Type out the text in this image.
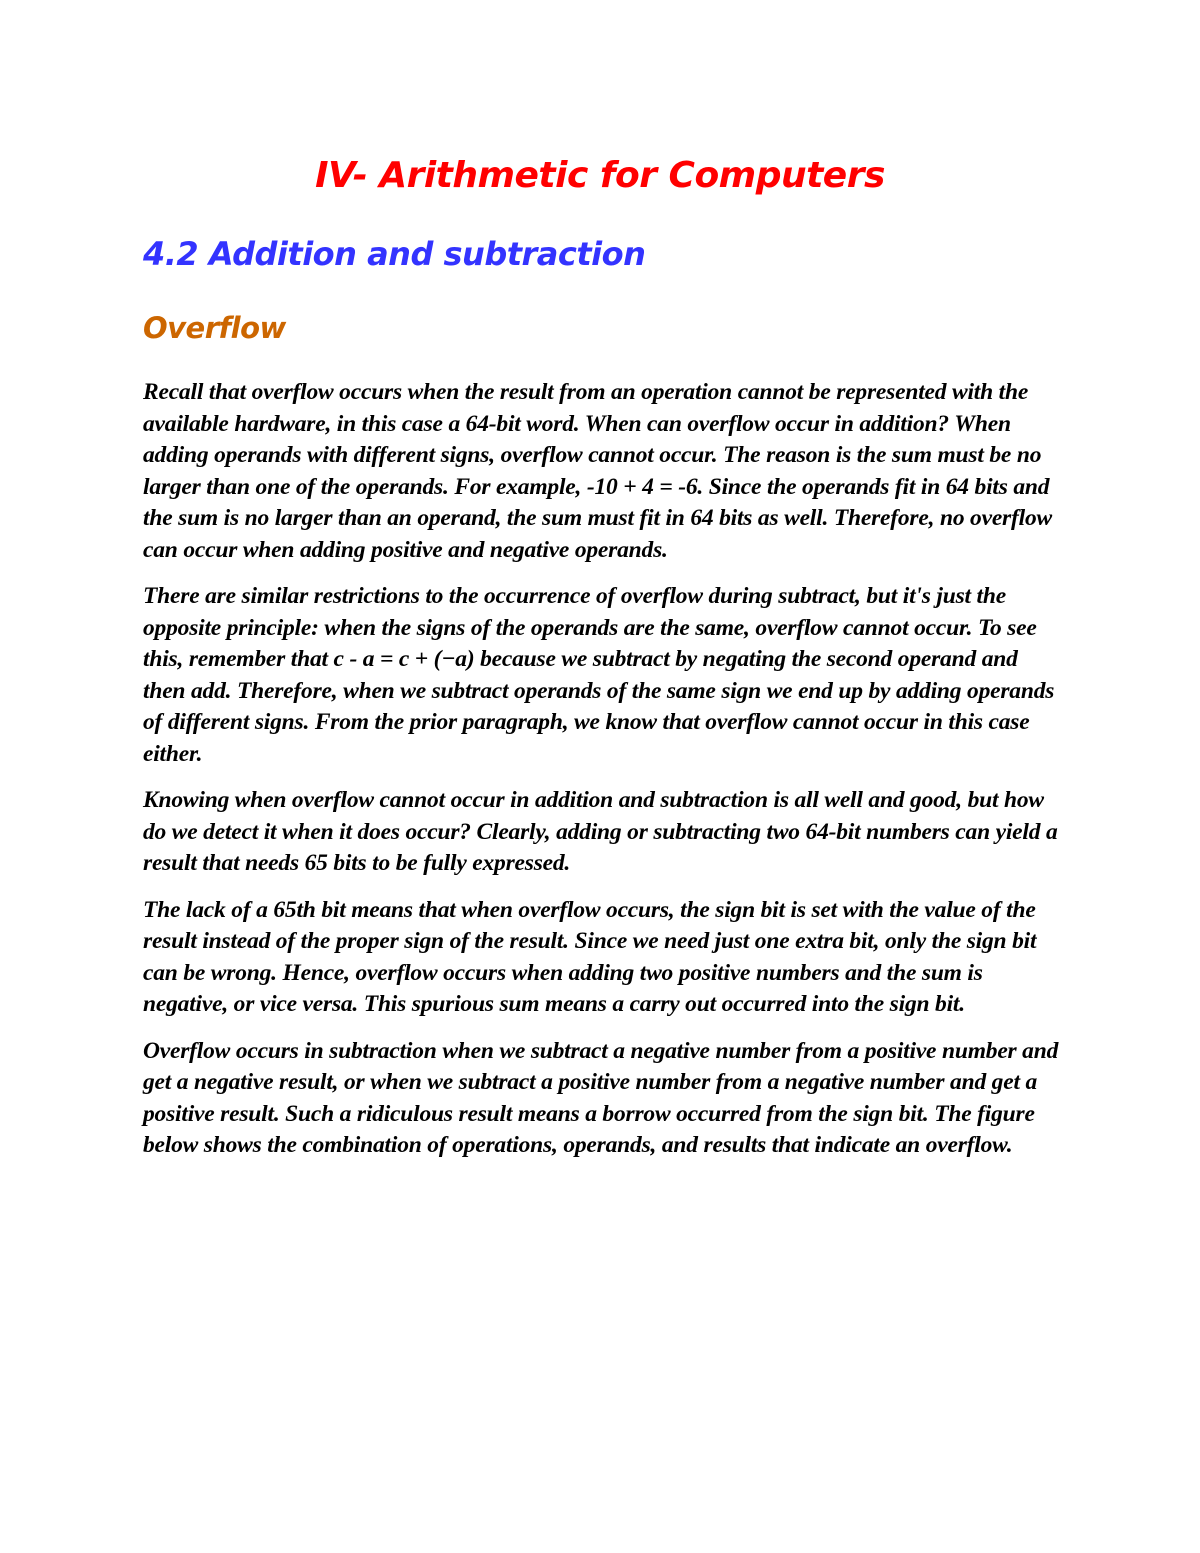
IV- Arithmetic for Computers
4.2 Addition and subtraction
Overflow

Recall that overflow occurs when the result from an operation cannot be represented with the available hardware, in this case a 64-bit word. When can overflow occur in addition? When adding operands with different signs, overflow cannot occur. The reason is the sum must be no larger than one of the operands. For example, -10 + 4 = -6. Since the operands fit in 64 bits and the sum is no larger than an operand, the sum must fit in 64 bits as well. Therefore, no overflow can occur when adding positive and negative operands.

There are similar restrictions to the occurrence of overflow during subtract, but it's just the opposite principle: when the signs of the operands are the same, overflow cannot occur. To see this, remember that c - a = c + (−a) because we subtract by negating the second operand and then add. Therefore, when we subtract operands of the same sign we end up by adding operands of different signs. From the prior paragraph, we know that overflow cannot occur in this case either.

Knowing when overflow cannot occur in addition and subtraction is all well and good, but how do we detect it when it does occur? Clearly, adding or subtracting two 64-bit numbers can yield a result that needs 65 bits to be fully expressed.

The lack of a 65th bit means that when overflow occurs, the sign bit is set with the value of the result instead of the proper sign of the result. Since we need just one extra bit, only the sign bit can be wrong. Hence, overflow occurs when adding two positive numbers and the sum is negative, or vice versa. This spurious sum means a carry out occurred into the sign bit.

Overflow occurs in subtraction when we subtract a negative number from a positive number and get a negative result, or when we subtract a positive number from a negative number and get a positive result. Such a ridiculous result means a borrow occurred from the sign bit. The figure below shows the combination of operations, operands, and results that indicate an overflow.
